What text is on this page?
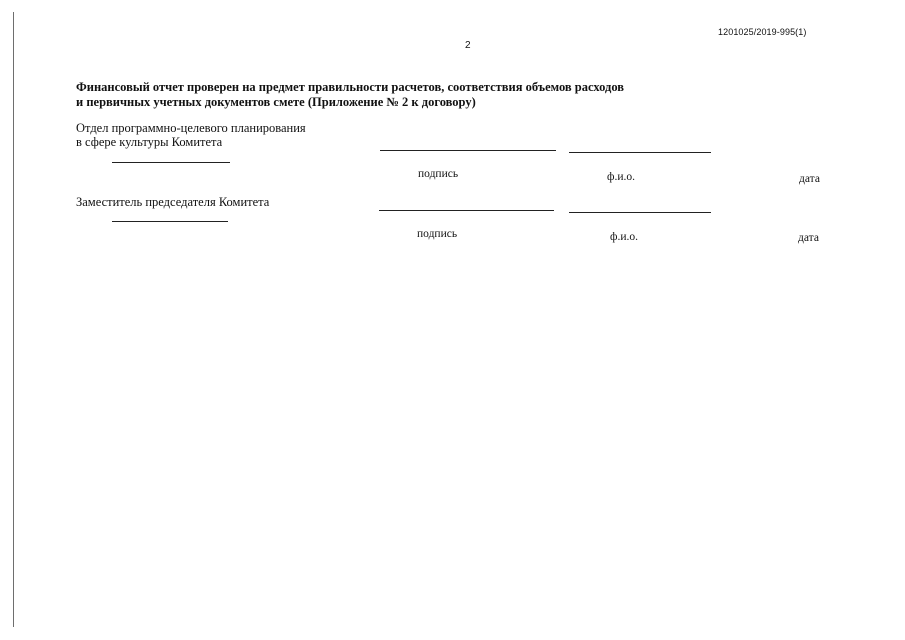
1201025/2019-995(1)
2
Финансовый отчет проверен на предмет правильности расчетов, соответствия объемов расходов
и первичных учетных документов смете (Приложение № 2 к договору)
Отдел программно-целевого планирования
в сфере культуры Комитета
подпись	ф.и.о.	дата
Заместитель председателя Комитета
подпись	ф.и.о.	дата
